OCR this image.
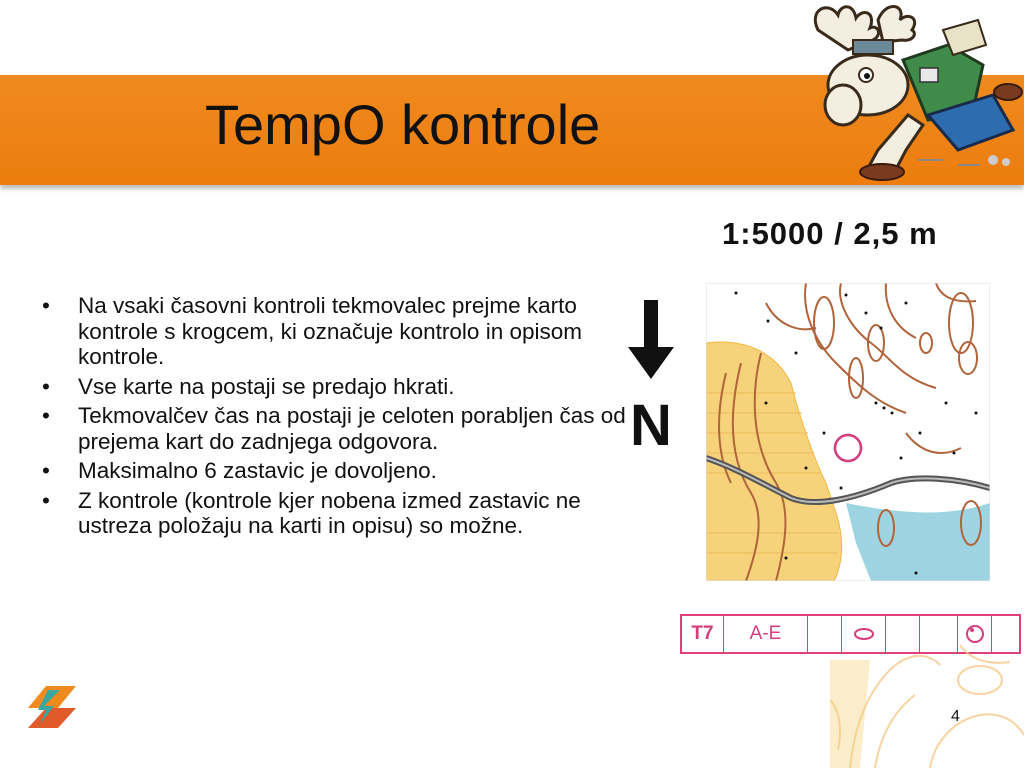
TempO kontrole
1:5000 / 2,5 m
• Na vsaki časovni kontroli tekmovalec prejme karto kontrole s krogcem, ki označuje kontrolo in opisom kontrole.
• Vse karte na postaji se predajo hkrati.
• Tekmovalčev čas na postaji je celoten porabljen čas od prejema kart do zadnjega odgovora.
• Maksimalno 6 zastavic je dovoljeno.
• Z kontrole (kontrole kjer nobena izmed zastavic ne ustreza položaju na karti in opisu) so možne.
N
T7	A-E
4
